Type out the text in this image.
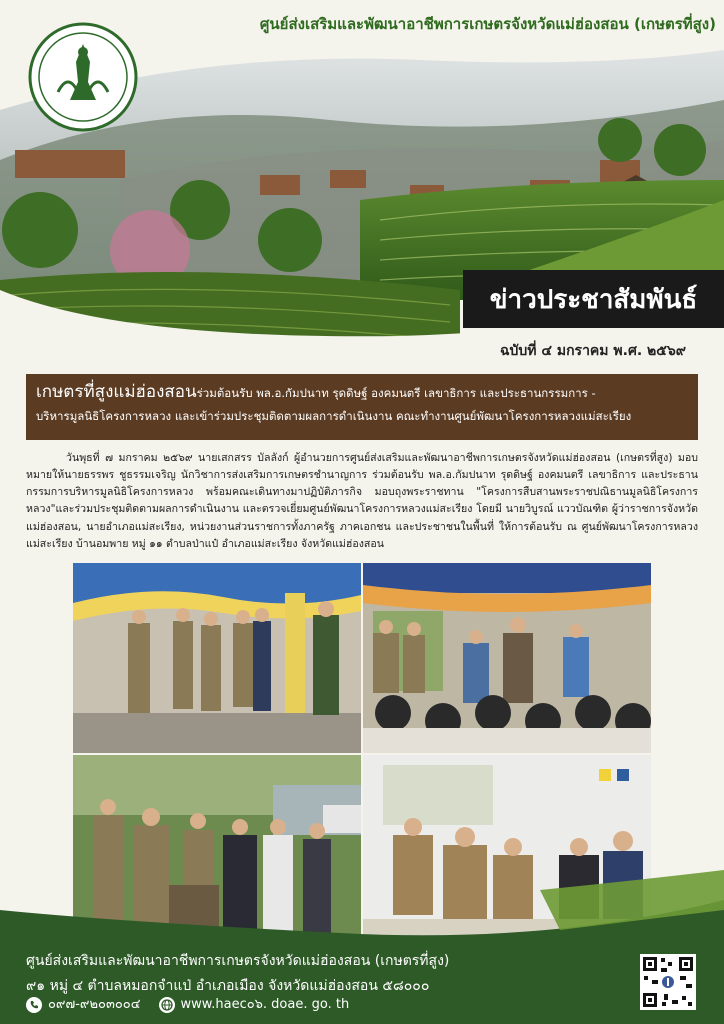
ศูนย์ส่งเสริมและพัฒนาอาชีพการเกษตรจังหวัดแม่ฮ่องสอน (เกษตรที่สูง)
ข่าวประชาสัมพันธ์
ฉบับที่ ๔ มกราคม พ.ศ. ๒๕๖๙
เกษตรที่สูงแม่ฮ่องสอนร่วมต้อนรับ พล.อ.กัมปนาท รุดดิษฐ์ องคมนตรี เลขาธิการ และประธานกรรมการ -
บริหารมูลนิธิโครงการหลวง และเข้าร่วมประชุมติดตามผลการดำเนินงาน คณะทำงานศูนย์พัฒนาโครงการหลวงแม่สะเรียง
วันพุธที่ ๗ มกราคม ๒๕๖๙ นายเสกสรร บัลลังก์ ผู้อำนวยการศูนย์ส่งเสริมและพัฒนาอาชีพการเกษตรจังหวัดแม่ฮ่องสอน (เกษตรที่สูง) มอบหมายให้นายธรรพร ชูธรรมเจริญ นักวิชาการส่งเสริมการเกษตรชำนาญการ ร่วมต้อนรับ พล.อ.กัมปนาท รุดดิษฐ์ องคมนตรี เลขาธิการ และประธานกรรมการบริหารมูลนิธิโครงการหลวง พร้อมคณะเดินทางมาปฏิบัติภารกิจ มอบถุงพระราชทาน "โครงการสืบสานพระราชปณิธานมูลนิธิโครงการหลวง"และร่วมประชุมติดตามผลการดำเนินงาน และตรวจเยี่ยมศูนย์พัฒนาโครงการหลวงแม่สะเรียง โดยมี นายวิบูรณ์ แววบัณฑิต ผู้ว่าราชการจังหวัดแม่ฮ่องสอน, นายอำเภอแม่สะเรียง, หน่วยงานส่วนราชการทั้งภาครัฐ ภาคเอกชน และประชาชนในพื้นที่ ให้การต้อนรับ ณ ศูนย์พัฒนาโครงการหลวงแม่สะเรียง บ้านอมพาย หมู่ ๑๑ ตำบลป่าแป๋ อำเภอแม่สะเรียง จังหวัดแม่ฮ่องสอน
ศูนย์ส่งเสริมและพัฒนาอาชีพการเกษตรจังหวัดแม่ฮ่องสอน (เกษตรที่สูง)
๙๑ หมู่ ๔ ตำบลหมอกจำแป่ อำเภอเมือง จังหวัดแม่ฮ่องสอน ๕๘๐๐๐
๐๙๗-๙๒๐๓๐๐๔	www.haec๐๖. doae. go. th
